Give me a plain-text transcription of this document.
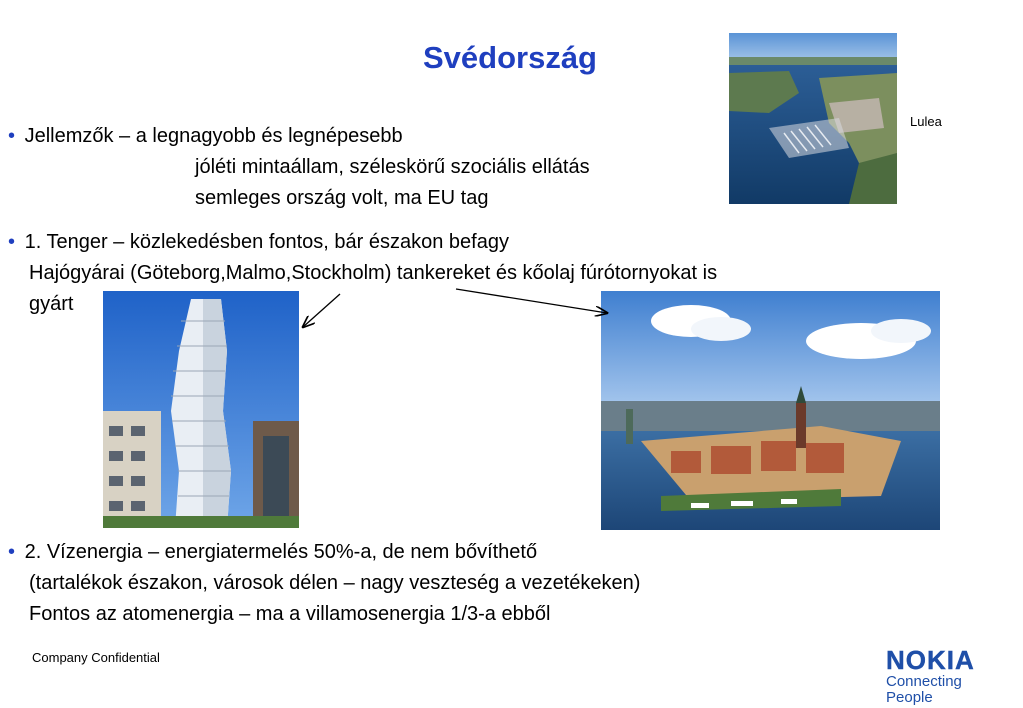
Svédország
Lulea
• Jellemzők – a legnagyobb és legnépesebb
jóléti mintaállam, széleskörű szociális ellátás
semleges ország volt, ma EU tag
• 1. Tenger – közlekedésben fontos, bár északon befagy
Hajógyárai (Göteborg,Malmo,Stockholm) tankereket és kőolaj fúrótornyokat is
gyárt
• 2. Vízenergia – energiatermelés 50%-a, de nem bővíthető
(tartalékok északon, városok délen – nagy veszteség a vezetékeken)
Fontos az atomenergia – ma a villamosenergia 1/3-a ebből
Company Confidential	NOKIA
Connecting People
